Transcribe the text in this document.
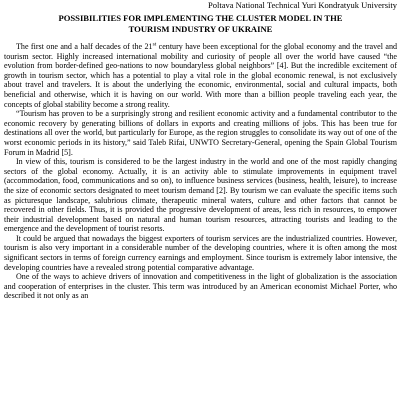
Poltava National Technical Yuri Kondratyuk University
POSSIBILITIES FOR IMPLEMENTING THE CLUSTER MODEL IN THE
TOURISM INDUSTRY OF UKRAINE

The first one and a half decades of the 21st century have been exceptional for the global economy and the travel and tourism sector. Highly increased international mobility and curiosity of people all over the world have caused “the evolution from border-defined geo-nations to now boundaryless global neighbors” [4]. But the incredible excitement of growth in tourism sector, which has a potential to play a vital role in the global economic renewal, is not exclusively about travel and travelers. It is about the underlying the economic, environmental, social and cultural impacts, both beneficial and otherwise, which it is having on our world. With more than a billion people traveling each year, the concepts of global stability become a strong reality.

“Tourism has proven to be a surprisingly strong and resilient economic activity and a fundamental contributor to the economic recovery by generating billions of dollars in exports and creating millions of jobs. This has been true for destinations all over the world, but particularly for Europe, as the region struggles to consolidate its way out of one of the worst economic periods in its history,” said Taleb Rifai, UNWTO Secretary-General, opening the Spain Global Tourism Forum in Madrid [5].

In view of this, tourism is considered to be the largest industry in the world and one of the most rapidly changing sectors of the global economy. Actually, it is an activity able to stimulate improvements in equipment travel (accommodation, food, communications and so on), to influence business services (business, health, leisure), to increase the size of economic sectors designated to meet tourism demand [2]. By tourism we can evaluate the specific items such as picturesque landscape, salubrious climate, therapeutic mineral waters, culture and other factors that cannot be recovered in other fields. Thus, it is provided the progressive development of areas, less rich in resources, to empower their industrial development based on natural and human tourism resources, attracting tourists and leading to the emergence and the development of tourist resorts.

It could be argued that nowadays the biggest exporters of tourism services are the industrialized countries. However, tourism is also very important in a considerable number of the developing countries, where it is often among the most significant sectors in terms of foreign currency earnings and employment. Since tourism is extremely labor intensive, the developing countries have a revealed strong potential comparative advantage.

One of the ways to achieve drivers of innovation and competitiveness in the light of globalization is the association and cooperation of enterprises in the cluster. This term was introduced by an American economist Michael Porter, who described it not only as an
